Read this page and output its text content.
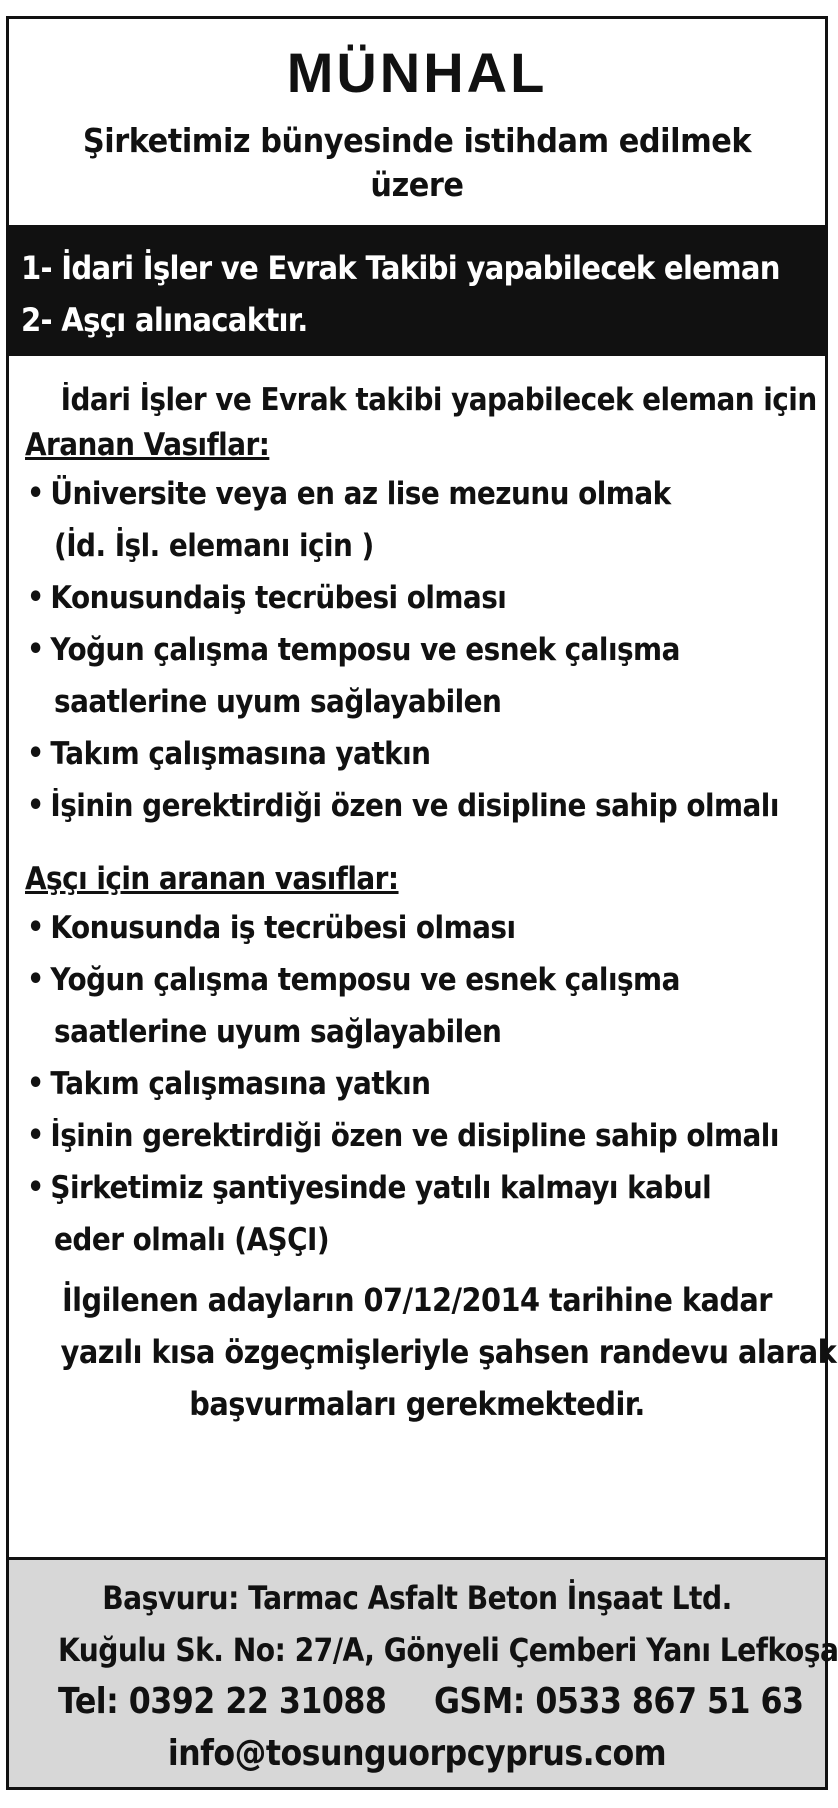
MÜNHAL
Şirketimiz bünyesinde istihdam edilmek üzere
1- İdari İşler ve Evrak Takibi yapabilecek eleman
2- Aşçı alınacaktır.
İdari İşler ve Evrak takibi yapabilecek eleman için
Aranan Vasıflar:
• Üniversite veya en az lise mezunu olmak
(İd. İşl. elemanı için )
• Konusundaiş tecrübesi olması
• Yoğun çalışma temposu ve esnek çalışma
saatlerine uyum sağlayabilen
• Takım çalışmasına yatkın
• İşinin gerektirdiği özen ve disipline sahip olmalı
Aşçı için aranan vasıflar:
• Konusunda iş tecrübesi olması
• Yoğun çalışma temposu ve esnek çalışma
saatlerine uyum sağlayabilen
• Takım çalışmasına yatkın
• İşinin gerektirdiği özen ve disipline sahip olmalı
• Şirketimiz şantiyesinde yatılı kalmayı kabul
eder olmalı (AŞÇI)
İlgilenen adayların 07/12/2014 tarihine kadar
yazılı kısa özgeçmişleriyle şahsen randevu alarak
başvurmaları gerekmektedir.
Başvuru: Tarmac Asfalt Beton İnşaat Ltd.
Kuğulu Sk. No: 27/A, Gönyeli Çemberi Yanı Lefkoşa
Tel: 0392 22 31088 GSM: 0533 867 51 63
info@tosunguorpcyprus.com
